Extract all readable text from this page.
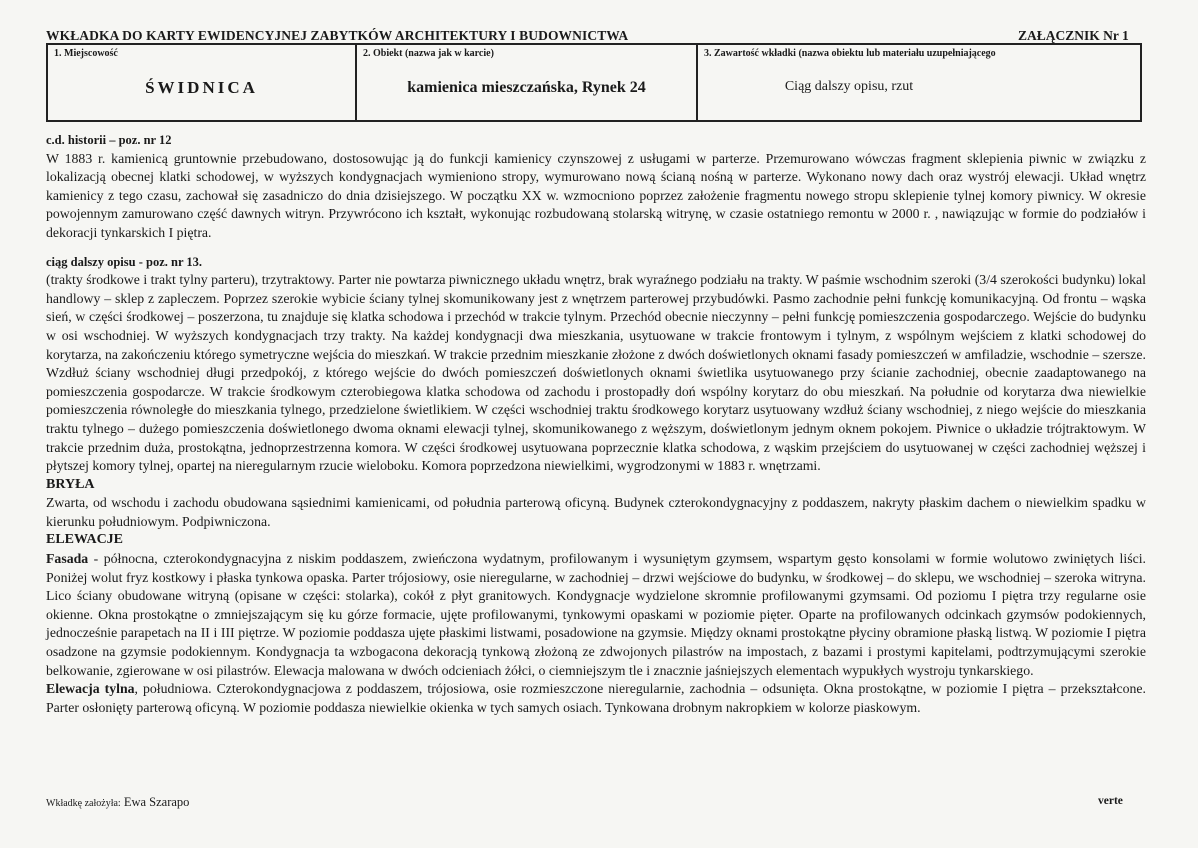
WKŁADKA DO KARTY EWIDENCYJNEJ ZABYTKÓW ARCHITEKTURY I BUDOWNICTWA	ZAŁĄCZNIK Nr 1
1. Miejscowość
ŚWIDNICA
2. Obiekt (nazwa jak w karcie)
kamienica mieszczańska, Rynek 24
3. Zawartość wkładki (nazwa obiektu lub materiału uzupełniającego
Ciąg dalszy opisu, rzut

c.d. historii – poz. nr 12

W 1883 r. kamienicą gruntownie przebudowano, dostosowując ją do funkcji kamienicy czynszowej z usługami w parterze. Przemurowano wówczas fragment sklepienia piwnic w związku z lokalizacją obecnej klatki schodowej, w wyższych kondygnacjach wymieniono stropy, wymurowano nową ścianą nośną w parterze. Wykonano nowy dach oraz wystrój elewacji. Układ wnętrz kamienicy z tego czasu, zachował się zasadniczo do dnia dzisiejszego. W początku XX w. wzmocniono poprzez założenie fragmentu nowego stropu sklepienie tylnej komory piwnicy. W okresie powojennym zamurowano część dawnych witryn. Przywrócono ich kształt, wykonując rozbudowaną stolarską witrynę, w czasie ostatniego remontu w 2000 r. , nawiązując w formie do podziałów i dekoracji tynkarskich I piętra.

ciąg dalszy opisu - poz. nr 13.

(trakty środkowe i trakt tylny parteru), trzytraktowy. Parter nie powtarza piwnicznego układu wnętrz, brak wyraźnego podziału na trakty. W paśmie wschodnim szeroki (3/4 szerokości budynku) lokal handlowy – sklep z zapleczem. Poprzez szerokie wybicie ściany tylnej skomunikowany jest z wnętrzem parterowej przybudówki. Pasmo zachodnie pełni funkcję komunikacyjną. Od frontu – wąska sień, w części środkowej – poszerzona, tu znajduje się klatka schodowa i przechód w trakcie tylnym. Przechód obecnie nieczynny – pełni funkcję pomieszczenia gospodarczego. Wejście do budynku w osi wschodniej. W wyższych kondygnacjach trzy trakty. Na każdej kondygnacji dwa mieszkania, usytuowane w trakcie frontowym i tylnym, z wspólnym wejściem z klatki schodowej do korytarza, na zakończeniu którego symetryczne wejścia do mieszkań. W trakcie przednim mieszkanie złożone z dwóch doświetlonych oknami fasady pomieszczeń w amfiladzie, wschodnie – szersze. Wzdłuż ściany wschodniej długi przedpokój, z którego wejście do dwóch pomieszczeń doświetlonych oknami świetlika usytuowanego przy ścianie zachodniej, obecnie zaadaptowanego na pomieszczenia gospodarcze. W trakcie środkowym czterobiegowa klatka schodowa od zachodu i prostopadły doń wspólny korytarz do obu mieszkań. Na południe od korytarza dwa niewielkie pomieszczenia równoległe do mieszkania tylnego, przedzielone świetlikiem. W części wschodniej traktu środkowego korytarz usytuowany wzdłuż ściany wschodniej, z niego wejście do mieszkania traktu tylnego – dużego pomieszczenia doświetlonego dwoma oknami elewacji tylnej, skomunikowanego z węższym, doświetlonym jednym oknem pokojem. Piwnice o układzie trójtraktowym. W trakcie przednim duża, prostokątna, jednoprzestrzenna komora. W części środkowej usytuowana poprzecznie klatka schodowa, z wąskim przejściem do usytuowanej w części zachodniej węższej i płytszej komory tylnej, opartej na nieregularnym rzucie wieloboku. Komora poprzedzona niewielkimi, wygrodzonymi w 1883 r. wnętrzami.

BRYŁA

Zwarta, od wschodu i zachodu obudowana sąsiednimi kamienicami, od południa parterową oficyną. Budynek czterokondygnacyjny z poddaszem, nakryty płaskim dachem o niewielkim spadku w kierunku południowym. Podpiwniczona.

ELEWACJE

Fasada - północna, czterokondygnacyjna z niskim poddaszem, zwieńczona wydatnym, profilowanym i wysuniętym gzymsem, wspartym gęsto konsolami w formie wolutowo zwiniętych liści. Poniżej wolut fryz kostkowy i płaska tynkowa opaska. Parter trójosiowy, osie nieregularne, w zachodniej – drzwi wejściowe do budynku, w środkowej – do sklepu, we wschodniej – szeroka witryna. Lico ściany obudowane witryną (opisane w części: stolarka), cokół z płyt granitowych. Kondygnacje wydzielone skromnie profilowanymi gzymsami. Od poziomu I piętra trzy regularne osie okienne. Okna prostokątne o zmniejszającym się ku górze formacie, ujęte profilowanymi, tynkowymi opaskami w poziomie pięter. Oparte na profilowanych odcinkach gzymsów podokiennych, jednocześnie parapetach na II i III piętrze. W poziomie poddasza ujęte płaskimi listwami, posadowione na gzymsie. Między oknami prostokątne płyciny obramione płaską listwą. W poziomie I piętra osadzone na gzymsie podokiennym. Kondygnacja ta wzbogacona dekoracją tynkową złożoną ze zdwojonych pilastrów na impostach, z bazami i prostymi kapitelami, podtrzymującymi szerokie belkowanie, zgierowane w osi pilastrów. Elewacja malowana w dwóch odcieniach żółci, o ciemniejszym tle i znacznie jaśniejszych elementach wypukłych wystroju tynkarskiego.

Elewacja tylna, południowa. Czterokondygnacjowa z poddaszem, trójosiowa, osie rozmieszczone nieregularnie, zachodnia – odsunięta. Okna prostokątne, w poziomie I piętra – przekształcone. Parter osłonięty parterową oficyną. W poziomie poddasza niewielkie okienka w tych samych osiach. Tynkowana drobnym nakropkiem w kolorze piaskowym.

Wkładkę założyła: Ewa Szarapo	verte
